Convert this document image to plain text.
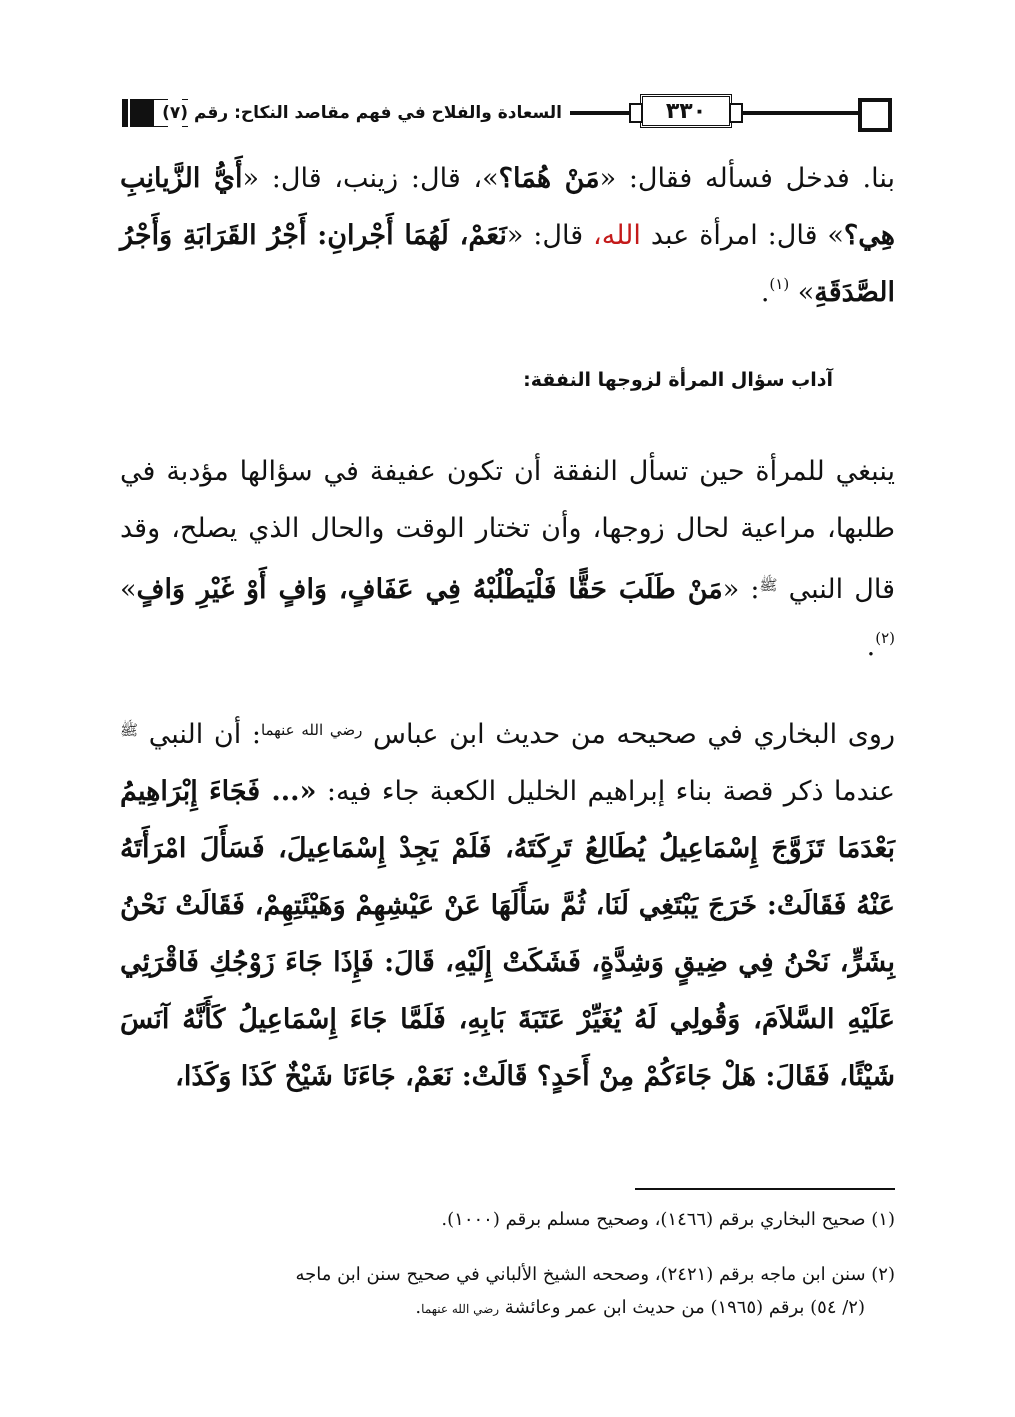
٣٣٠
السعادة والفلاح في فهم مقاصد النكاح: رقم (٧)

بنا. فدخل فسأله فقال: «مَنْ هُمَا؟»، قال: زينب، قال: «أَيُّ الزَّيانِبِ هِي؟» قال: امرأة عبد الله، قال: «نَعَمْ، لَهُمَا أَجْرانِ: أَجْرُ القَرَابَةِ وَأَجْرُ الصَّدَقَةِ» $^{(١)}$.

آداب سؤال المرأة لزوجها النفقة:

ينبغي للمرأة حين تسأل النفقة أن تكون عفيفة في سؤالها مؤدبة في طلبها، مراعية لحال زوجها، وأن تختار الوقت والحال الذي يصلح، وقد قال النبي $^ﷺ$: «مَنْ طَلَبَ حَقًّا فَلْيَطْلُبْهُ فِي عَفَافٍ، وَافٍ أَوْ غَيْرِ وَافٍ» $^{(٢)}$.

روى البخاري في صحيحه من حديث ابن عباس $^{رضي الله عنهما}$: أن النبي $^ﷺ$ عندما ذكر قصة بناء إبراهيم الخليل الكعبة جاء فيه: «... فَجَاءَ إِبْرَاهِيمُ بَعْدَمَا تَزَوَّجَ إِسْمَاعِيلُ يُطَالِعُ تَرِكَتَهُ، فَلَمْ يَجِدْ إِسْمَاعِيلَ، فَسَأَلَ امْرَأَتَهُ عَنْهُ فَقَالَتْ: خَرَجَ يَبْتَغِي لَنَا، ثُمَّ سَأَلَهَا عَنْ عَيْشِهِمْ وَهَيْئَتِهِمْ، فَقَالَتْ نَحْنُ بِشَرٍّ، نَحْنُ فِي ضِيقٍ وَشِدَّةٍ، فَشَكَتْ إِلَيْهِ، قَالَ: فَإِذَا جَاءَ زَوْجُكِ فَاقْرَئِي عَلَيْهِ السَّلاَمَ، وَقُولِي لَهُ يُغَيِّرْ عَتَبَةَ بَابِهِ، فَلَمَّا جَاءَ إِسْمَاعِيلُ كَأَنَّهُ آنَسَ شَيْئًا، فَقَالَ: هَلْ جَاءَكُمْ مِنْ أَحَدٍ؟ قَالَتْ: نَعَمْ، جَاءَنَا شَيْخٌ كَذَا وَكَذَا،

(١) صحيح البخاري برقم (١٤٦٦)، وصحيح مسلم برقم (١٠٠٠).

(٢) سنن ابن ماجه برقم (٢٤٢١)، وصححه الشيخ الألباني في صحيح سنن ابن ماجه
(٢/ ٥٤) برقم (١٩٦٥) من حديث ابن عمر وعائشة رضي الله عنهما.
